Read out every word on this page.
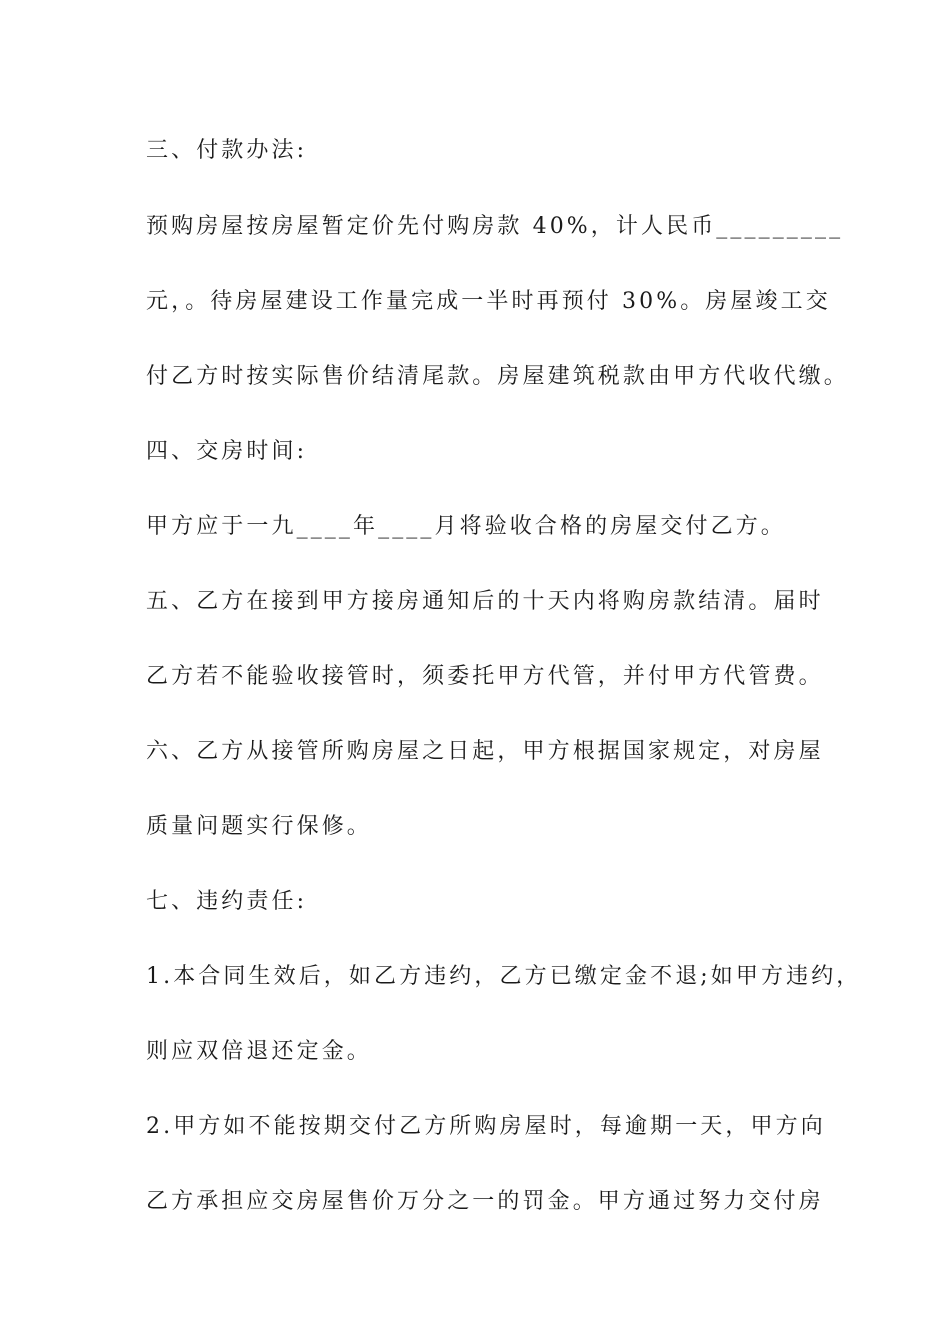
三、付款办法:
预购房屋按房屋暂定价先付购房款 40%，计人民币_________
元，。待房屋建设工作量完成一半时再预付 30%。房屋竣工交
付乙方时按实际售价结清尾款。房屋建筑税款由甲方代收代缴。
四、交房时间:
甲方应于一九____年____月将验收合格的房屋交付乙方。
五、乙方在接到甲方接房通知后的十天内将购房款结清。届时
乙方若不能验收接管时，须委托甲方代管，并付甲方代管费。
六、乙方从接管所购房屋之日起，甲方根据国家规定，对房屋
质量问题实行保修。
七、违约责任:
1.本合同生效后，如乙方违约，乙方已缴定金不退;如甲方违约，
则应双倍退还定金。
2.甲方如不能按期交付乙方所购房屋时，每逾期一天，甲方向
乙方承担应交房屋售价万分之一的罚金。甲方通过努力交付房
